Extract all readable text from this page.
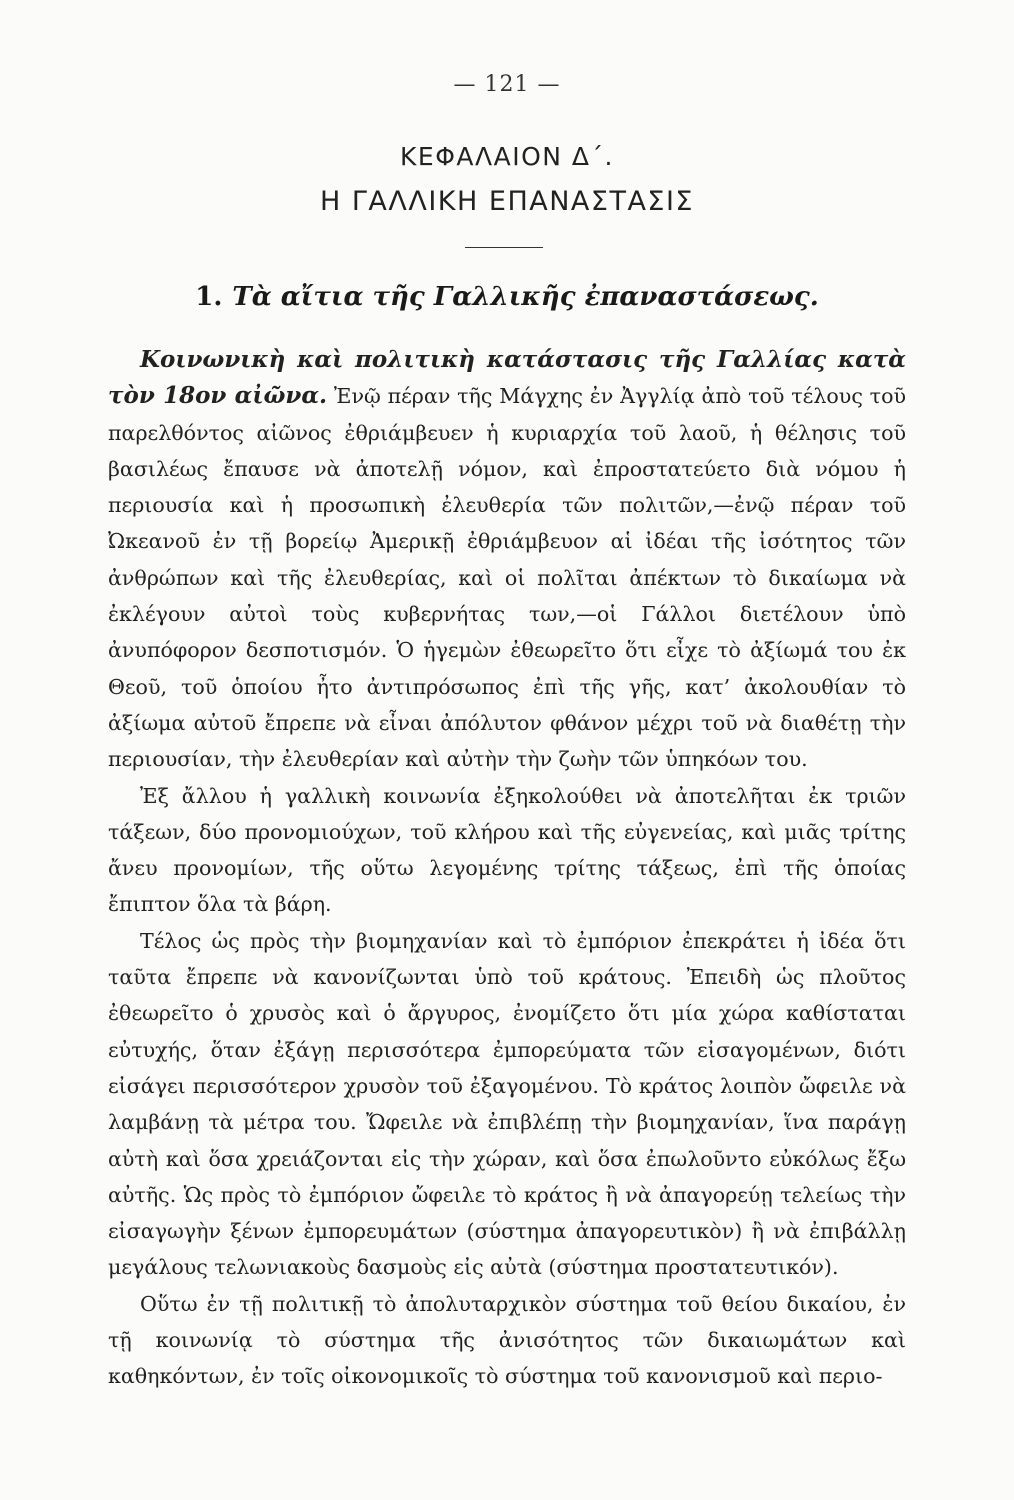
— 121 —
ΚΕΦΑΛΑΙΟΝ Δ΄.
Η ΓΑΛΛΙΚΗ ΕΠΑΝΑΣΤΑΣΙΣ
1. Τὰ αἴτια τῆς Γαλλικῆς ἐπαναστάσεως.

Κοινωνικὴ καὶ πολιτικὴ κατάστασις τῆς Γαλλίας κατὰ τὸν 18ον αἰῶνα. Ἐνῷ πέραν τῆς Μάγχης ἐν Ἀγγλίᾳ ἀπὸ τοῦ τέλους τοῦ παρελθόντος αἰῶνος ἐθριάμβευεν ἡ κυριαρχία τοῦ λαοῦ, ἡ θέλησις τοῦ βασιλέως ἔπαυσε νὰ ἀποτελῇ νόμον, καὶ ἐπροστατεύετο διὰ νόμου ἡ περιουσία καὶ ἡ προσωπικὴ ἐλευθερία τῶν πολιτῶν,—ἐνῷ πέραν τοῦ Ὠκεανοῦ ἐν τῇ βορείῳ Ἀμερικῇ ἐθριάμβευον αἱ ἰδέαι τῆς ἰσότητος τῶν ἀνθρώπων καὶ τῆς ἐλευθερίας, καὶ οἱ πολῖται ἀπέκτων τὸ δικαίωμα νὰ ἐκλέγουν αὐτοὶ τοὺς κυβερνήτας των,—οἱ Γάλλοι διετέλουν ὑπὸ ἀνυπόφορον δεσποτισμόν. Ὁ ἡγεμὼν ἐθεωρεῖτο ὅτι εἶχε τὸ ἀξίωμά του ἐκ Θεοῦ, τοῦ ὁποίου ἦτο ἀντιπρόσωπος ἐπὶ τῆς γῆς, κατ’ ἀκολουθίαν τὸ ἀξίωμα αὐτοῦ ἔπρεπε νὰ εἶναι ἀπόλυτον φθάνον μέχρι τοῦ νὰ διαθέτῃ τὴν περιουσίαν, τὴν ἐλευθερίαν καὶ αὐτὴν τὴν ζωὴν τῶν ὑπηκόων του.

Ἐξ ἄλλου ἡ γαλλικὴ κοινωνία ἐξηκολούθει νὰ ἀποτελῆται ἐκ τριῶν τάξεων, δύο προνομιούχων, τοῦ κλήρου καὶ τῆς εὐγενείας, καὶ μιᾶς τρίτης ἄνευ προνομίων, τῆς οὕτω λεγομένης τρίτης τάξεως, ἐπὶ τῆς ὁποίας ἔπιπτον ὅλα τὰ βάρη.

Τέλος ὡς πρὸς τὴν βιομηχανίαν καὶ τὸ ἐμπόριον ἐπεκράτει ἡ ἰδέα ὅτι ταῦτα ἔπρεπε νὰ κανονίζωνται ὑπὸ τοῦ κράτους. Ἐπειδὴ ὡς πλοῦτος ἐθεωρεῖτο ὁ χρυσὸς καὶ ὁ ἄργυρος, ἐνομίζετο ὅτι μία χώρα καθίσταται εὐτυχής, ὅταν ἐξάγῃ περισσότερα ἐμπορεύματα τῶν εἰσαγομένων, διότι εἰσάγει περισσότερον χρυσὸν τοῦ ἐξαγομένου. Τὸ κράτος λοιπὸν ὤφειλε νὰ λαμβάνῃ τὰ μέτρα του. Ὤφειλε νὰ ἐπιβλέπῃ τὴν βιομηχανίαν, ἵνα παράγῃ αὐτὴ καὶ ὅσα χρειάζονται εἰς τὴν χώραν, καὶ ὅσα ἐπωλοῦντο εὐκόλως ἔξω αὐτῆς. Ὡς πρὸς τὸ ἐμπόριον ὤφειλε τὸ κράτος ἢ νὰ ἀπαγορεύῃ τελείως τὴν εἰσαγωγὴν ξένων ἐμπορευμάτων (σύστημα ἀπαγορευτικὸν) ἢ νὰ ἐπιβάλλῃ μεγάλους τελωνιακοὺς δασμοὺς εἰς αὐτὰ (σύστημα προστατευτικόν).

Οὕτω ἐν τῇ πολιτικῇ τὸ ἀπολυταρχικὸν σύστημα τοῦ θείου δικαίου, ἐν τῇ κοινωνίᾳ τὸ σύστημα τῆς ἀνισότητος τῶν δικαιωμάτων καὶ καθηκόντων, ἐν τοῖς οἰκονομικοῖς τὸ σύστημα τοῦ κανονισμοῦ καὶ περιο-
